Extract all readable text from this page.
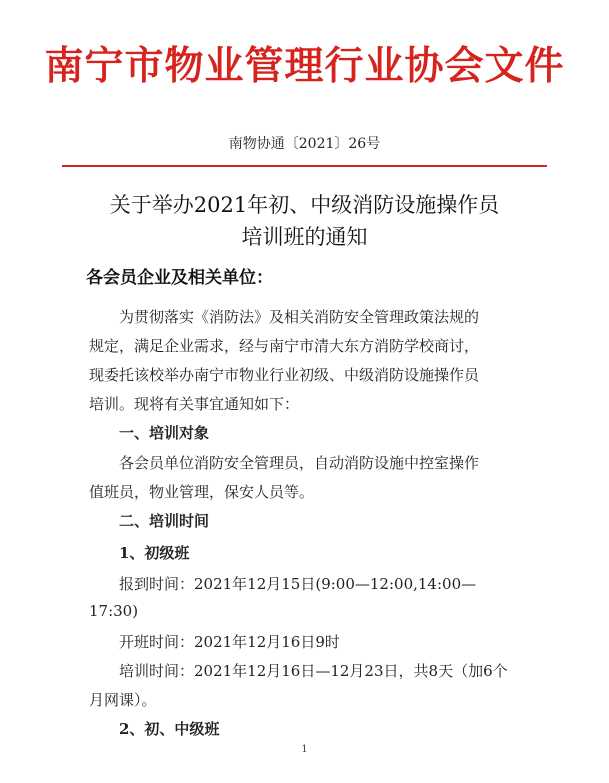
南宁市物业管理行业协会文件
南物协通〔2021〕26号
关于举办2021年初、中级消防设施操作员
培训班的通知
各会员企业及相关单位：
为贯彻落实《消防法》及相关消防安全管理政策法规的
规定，满足企业需求，经与南宁市清大东方消防学校商讨，
现委托该校举办南宁市物业行业初级、中级消防设施操作员
培训。现将有关事宜通知如下：
一、培训对象
各会员单位消防安全管理员，自动消防设施中控室操作
值班员，物业管理，保安人员等。
二、培训时间
1、初级班
报到时间：2021年12月15日(9:00—12:00,14:00—
17:30)
开班时间：2021年12月16日9时
培训时间：2021年12月16日—12月23日，共8天（加6个
月网课）。
2、初、中级班
1
